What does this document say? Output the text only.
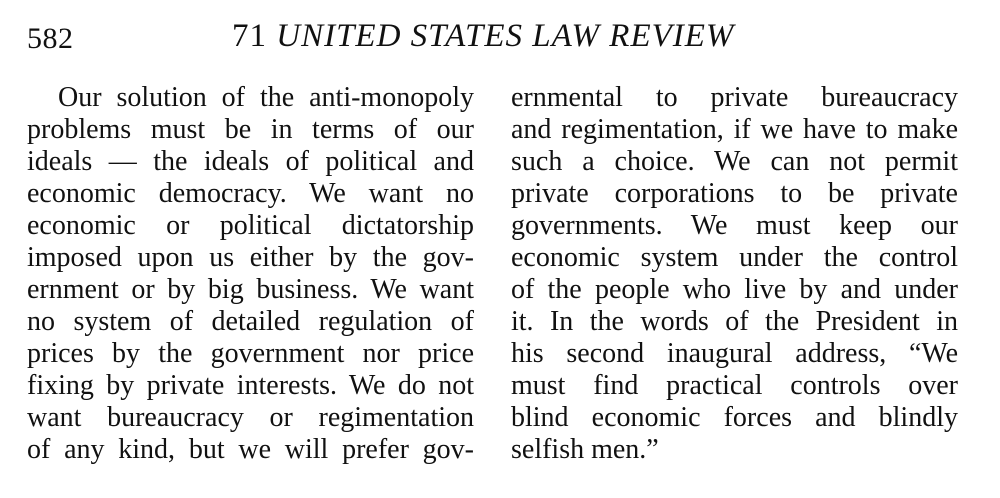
582	71 UNITED STATES LAW REVIEW
Our solution of the anti-monopoly
problems must be in terms of our
ideals — the ideals of political and
economic democracy. We want no
economic or political dictatorship
imposed upon us either by the gov-
ernment or by big business. We want
no system of detailed regulation of
prices by the government nor price
fixing by private interests. We do not
want bureaucracy or regimentation
of any kind, but we will prefer gov-
ernmental to private bureaucracy
and regimentation, if we have to make
such a choice. We can not permit
private corporations to be private
governments. We must keep our
economic system under the control
of the people who live by and under
it. In the words of the President in
his second inaugural address, “We
must find practical controls over
blind economic forces and blindly
selfish men.”
